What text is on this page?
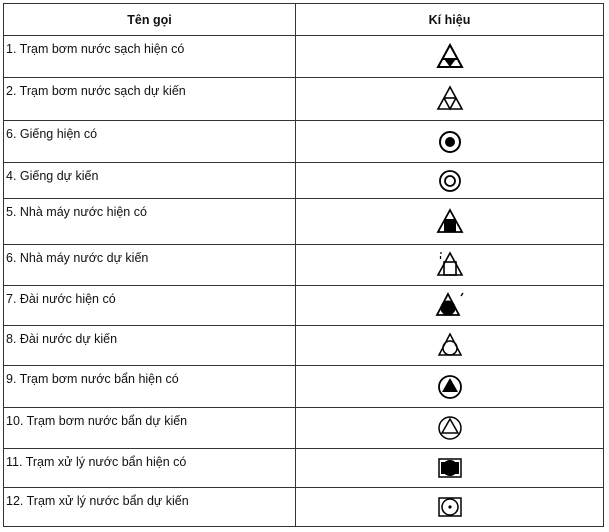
Tên gọi	Kí hiệu
1. Trạm bơm nước sạch hiện có	
2. Trạm bơm nước sạch dự kiến	
6. Giếng hiện có	
4. Giếng dự kiến	
5. Nhà máy nước hiện có	
6. Nhà máy nước dự kiến	
7. Đài nước hiện có	
8. Đài nước dự kiến	
9. Trạm bơm nước bẩn hiện có	
10. Trạm bơm nước bẩn dự kiến	
11. Trạm xử lý nước bẩn hiện có	
12. Trạm xử lý nước bẩn dự kiến	
